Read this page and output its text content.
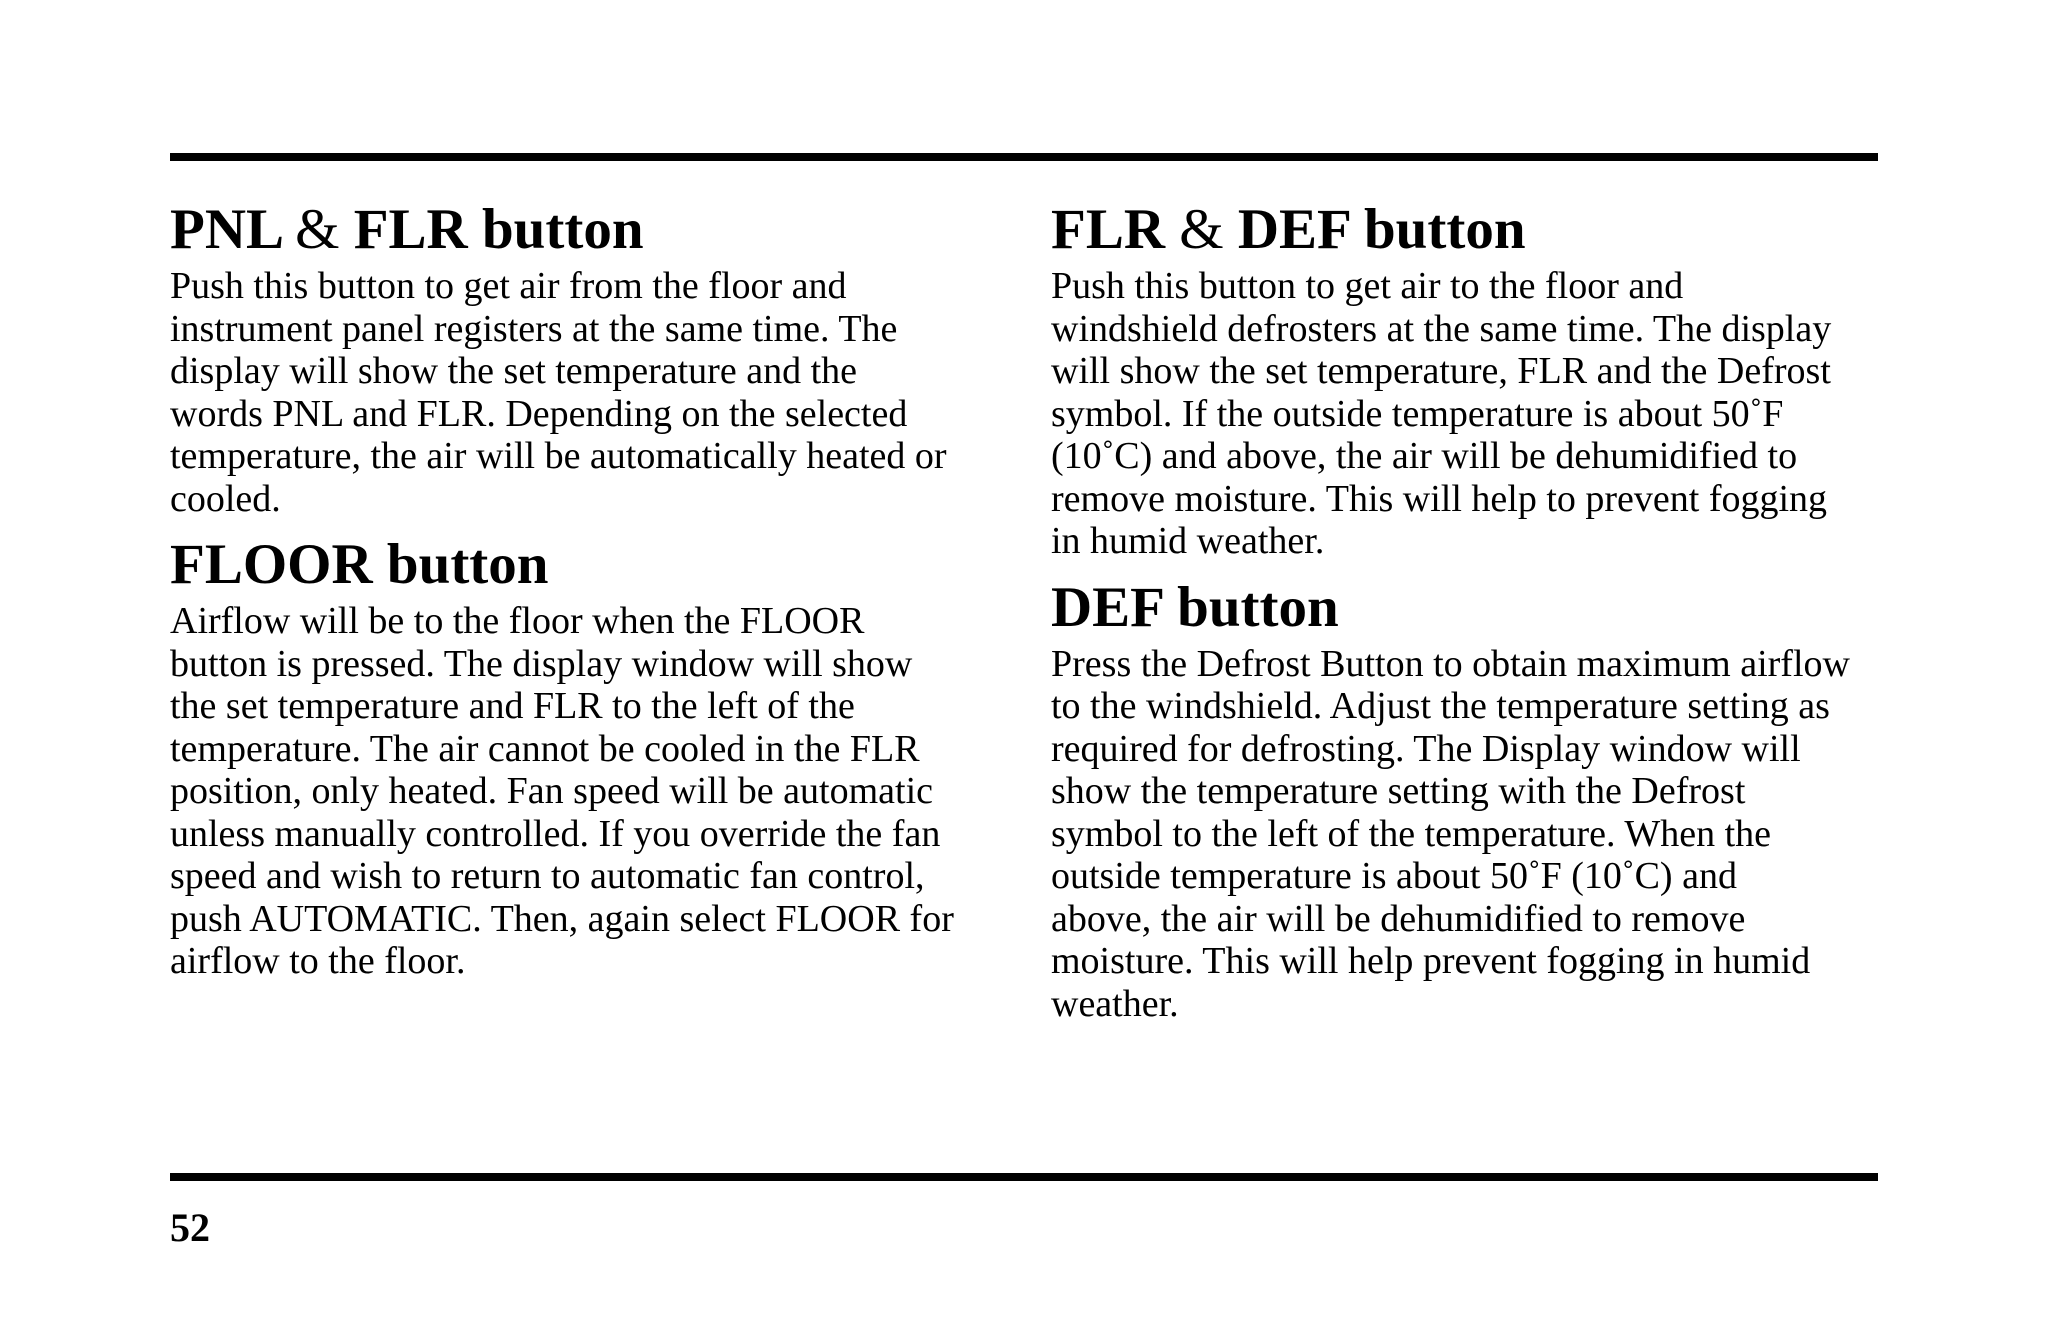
PNL & FLR button

Push this button to get air from the floor and
instrument panel registers at the same time. The
display will show the set temperature and the
words PNL and FLR. Depending on the selected
temperature, the air will be automatically heated or
cooled.

FLOOR button

Airflow will be to the floor when the FLOOR
button is pressed. The display window will show
the set temperature and FLR to the left of the
temperature. The air cannot be cooled in the FLR
position, only heated. Fan speed will be automatic
unless manually controlled. If you override the fan
speed and wish to return to automatic fan control,
push AUTOMATIC. Then, again select FLOOR for
airflow to the floor.

FLR & DEF button

Push this button to get air to the floor and
windshield defrosters at the same time. The display
will show the set temperature, FLR and the Defrost
symbol. If the outside temperature is about 50˚F
(10˚C) and above, the air will be dehumidified to
remove moisture. This will help to prevent fogging
in humid weather.

DEF button

Press the Defrost Button to obtain maximum airflow
to the windshield. Adjust the temperature setting as
required for defrosting. The Display window will
show the temperature setting with the Defrost
symbol to the left of the temperature. When the
outside temperature is about 50˚F (10˚C) and
above, the air will be dehumidified to remove
moisture. This will help prevent fogging in humid
weather.

52
